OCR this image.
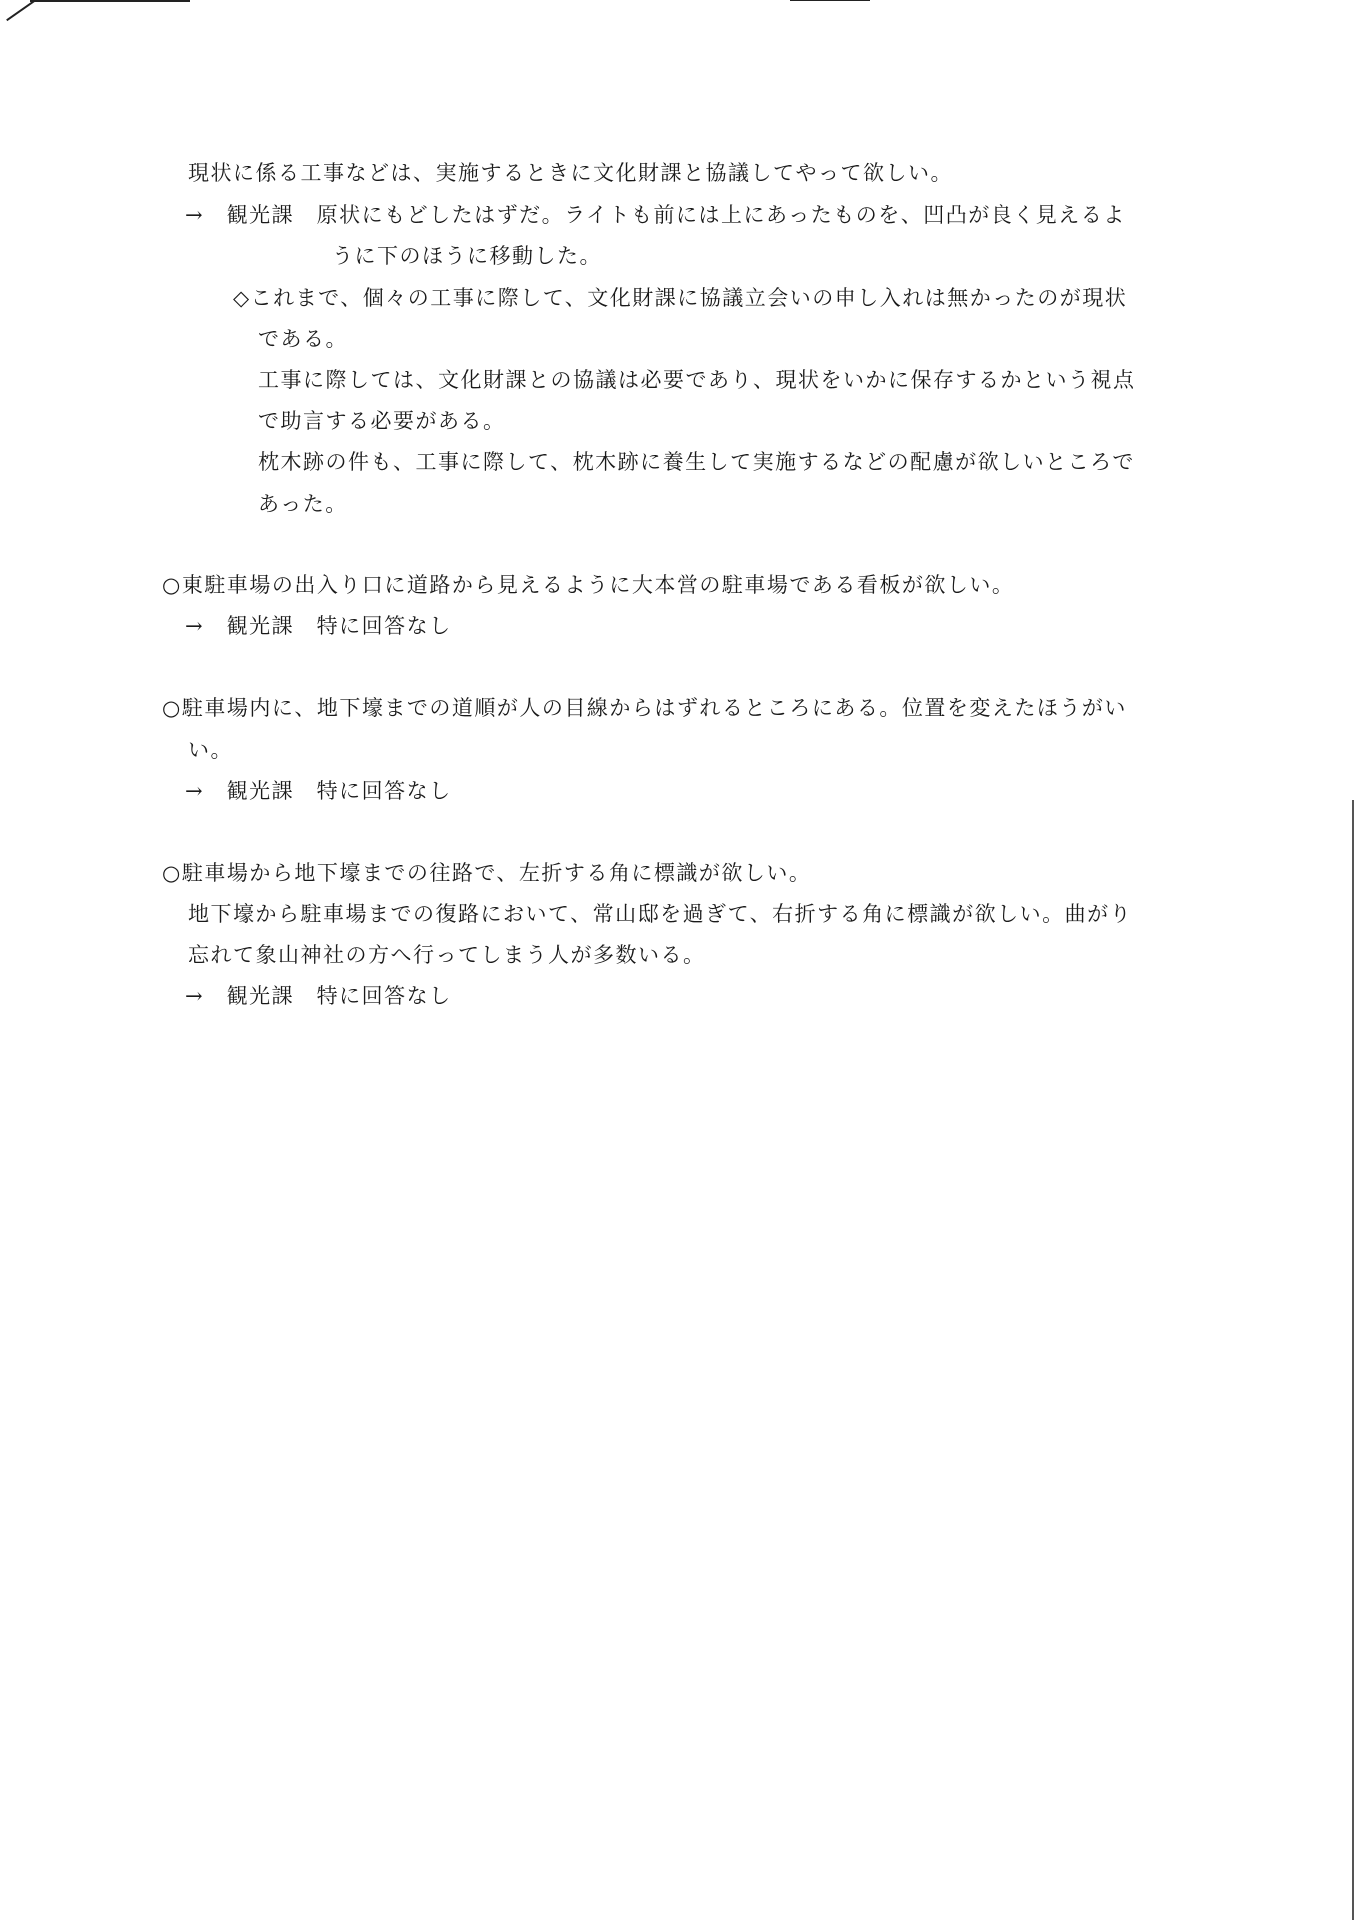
現状に係る工事などは、実施するときに文化財課と協議してやって欲しい。
→　観光課　原状にもどしたはずだ。ライトも前には上にあったものを、凹凸が良く見えるよ
うに下のほうに移動した。
◇これまで、個々の工事に際して、文化財課に協議立会いの申し入れは無かったのが現状
である。
工事に際しては、文化財課との協議は必要であり、現状をいかに保存するかという視点
で助言する必要がある。
枕木跡の件も、工事に際して、枕木跡に養生して実施するなどの配慮が欲しいところで
あった。
○東駐車場の出入り口に道路から見えるように大本営の駐車場である看板が欲しい。
→　観光課　特に回答なし
○駐車場内に、地下壕までの道順が人の目線からはずれるところにある。位置を変えたほうがい
い。
→　観光課　特に回答なし
○駐車場から地下壕までの往路で、左折する角に標識が欲しい。
地下壕から駐車場までの復路において、常山邸を過ぎて、右折する角に標識が欲しい。曲がり
忘れて象山神社の方へ行ってしまう人が多数いる。
→　観光課　特に回答なし
